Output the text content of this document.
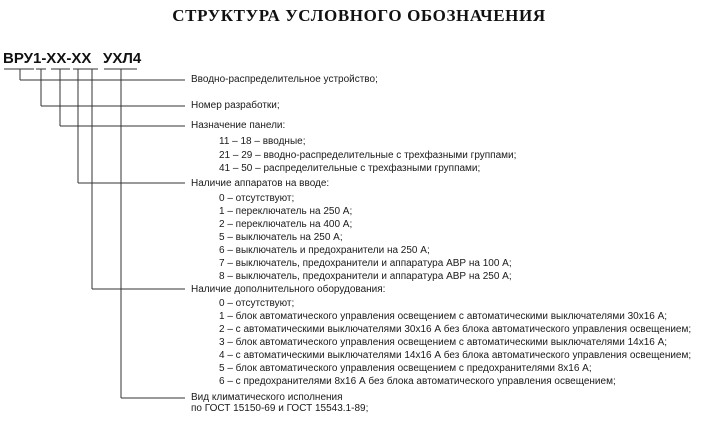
СТРУКТУРА УСЛОВНОГО ОБОЗНАЧЕНИЯ
ВРУ1-ХХ-ХХ УХЛ4
Вводно-распределительное устройство;
Номер разработки;
Назначение панели:
11 – 18 – вводные;
21 – 29 – вводно-распределительные с трехфазными группами;
41 – 50 – распределительные с трехфазными группами;
Наличие аппаратов на вводе:
0 – отсутствуют;
1 – переключатель на 250 А;
2 – переключатель на 400 А;
5 – выключатель на 250 А;
6 – выключатель и предохранители на 250 А;
7 – выключатель, предохранители и аппаратура АВР на 100 А;
8 – выключатель, предохранители и аппаратура АВР на 250 А;
Наличие дополнительного оборудования:
0 – отсутствуют;
1 – блок автоматического управления освещением с автоматическими выключателями 30х16 А;
2 – с автоматическими выключателями 30х16 А без блока автоматического управления освещением;
3 – блок автоматического управления освещением с автоматическими выключателями 14х16 А;
4 – с автоматическими выключателями 14х16 А без блока автоматического управления освещением;
5 – блок автоматического управления освещением с предохранителями 8х16 А;
6 – с предохранителями 8х16 А без блока автоматического управления освещением;
Вид климатического исполнения
по ГОСТ 15150-69 и ГОСТ 15543.1-89;
